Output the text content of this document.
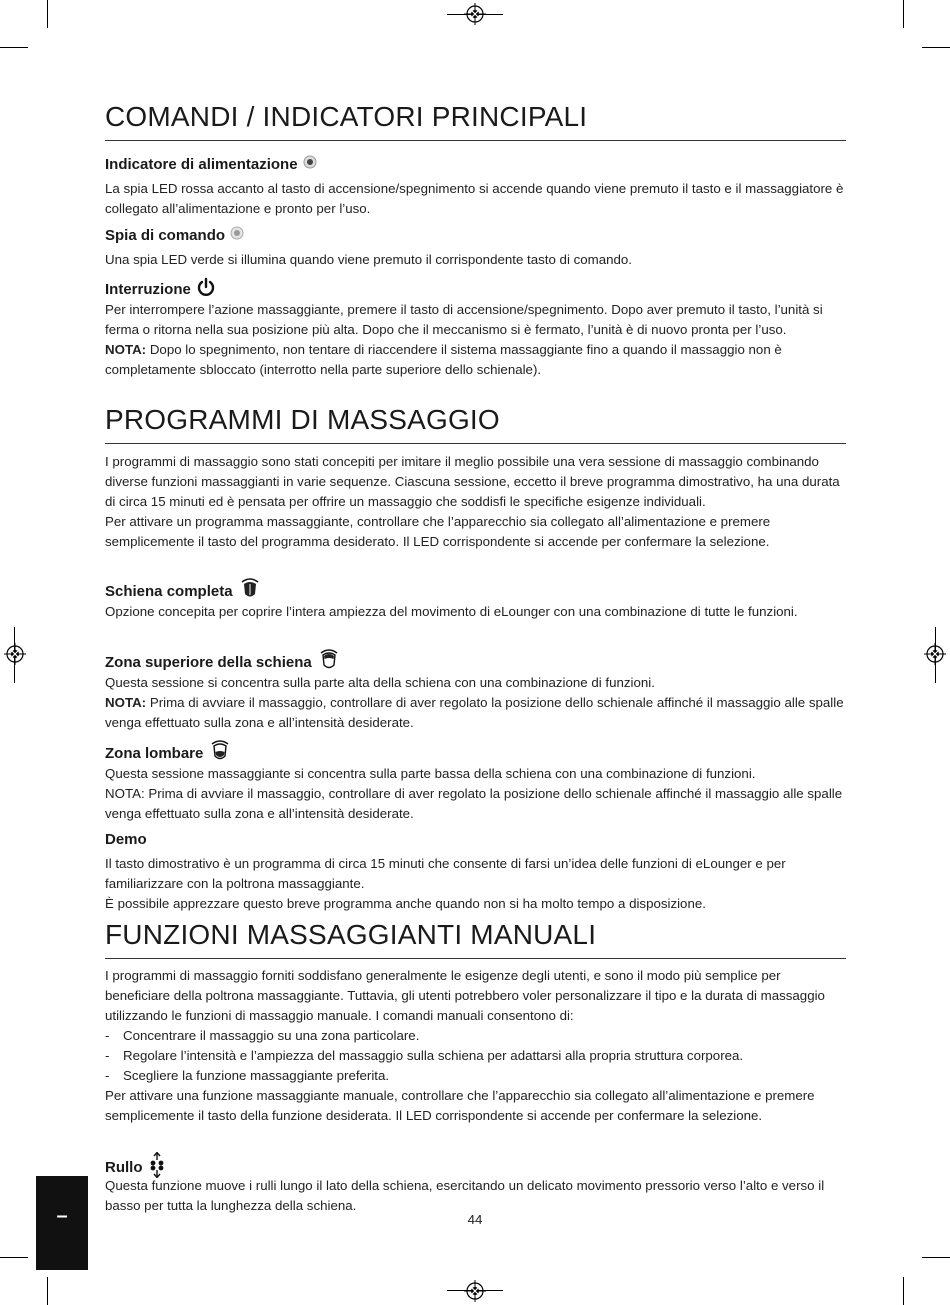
COMANDI / INDICATORI PRINCIPALI
Indicatore di alimentazione
La spia LED rossa accanto al tasto di accensione/spegnimento si accende quando viene premuto il tasto e il massaggiatore è collegato all’alimentazione e pronto per l’uso.
Spia di comando
Una spia LED verde si illumina quando viene premuto il corrispondente tasto di comando.
Interruzione
Per interrompere l’azione massaggiante, premere il tasto di accensione/spegnimento. Dopo aver premuto il tasto, l’unità si ferma o ritorna nella sua posizione più alta. Dopo che il meccanismo si è fermato, l’unità è di nuovo pronta per l’uso.
NOTA: Dopo lo spegnimento, non tentare di riaccendere il sistema massaggiante fino a quando il massaggio non è completamente sbloccato (interrotto nella parte superiore dello schienale).
PROGRAMMI DI MASSAGGIO
I programmi di massaggio sono stati concepiti per imitare il meglio possibile una vera sessione di massaggio combinando diverse funzioni massaggianti in varie sequenze. Ciascuna sessione, eccetto il breve programma dimostrativo, ha una durata di circa 15 minuti ed è pensata per offrire un massaggio che soddisfi le specifiche esigenze individuali.
Per attivare un programma massaggiante, controllare che l’apparecchio sia collegato all’alimentazione e premere semplicemente il tasto del programma desiderato. Il LED corrispondente si accende per confermare la selezione.
Schiena completa
Opzione concepita per coprire l’intera ampiezza del movimento di eLounger con una combinazione di tutte le funzioni.
Zona superiore della schiena
Questa sessione si concentra sulla parte alta della schiena con una combinazione di funzioni.
NOTA: Prima di avviare il massaggio, controllare di aver regolato la posizione dello schienale affinché il massaggio alle spalle venga effettuato sulla zona e all’intensità desiderate.
Zona lombare
Questa sessione massaggiante si concentra sulla parte bassa della schiena con una combinazione di funzioni.
NOTA: Prima di avviare il massaggio, controllare di aver regolato la posizione dello schienale affinché il massaggio alle spalle venga effettuato sulla zona e all’intensità desiderate.
Demo
Il tasto dimostrativo è un programma di circa 15 minuti che consente di farsi un’idea delle funzioni di eLounger e per familiarizzare con la poltrona massaggiante.
È possibile apprezzare questo breve programma anche quando non si ha molto tempo a disposizione.
FUNZIONI MASSAGGIANTI MANUALI
I programmi di massaggio forniti soddisfano generalmente le esigenze degli utenti, e sono il modo più semplice per beneficiare della poltrona massaggiante. Tuttavia, gli utenti potrebbero voler personalizzare il tipo e la durata di massaggio utilizzando le funzioni di massaggio manuale. I comandi manuali consentono di:
-	Concentrare il massaggio su una zona particolare.
-	Regolare l’intensità e l’ampiezza del massaggio sulla schiena per adattarsi alla propria struttura corporea.
-	Scegliere la funzione massaggiante preferita.
Per attivare una funzione massaggiante manuale, controllare che l’apparecchio sia collegato all’alimentazione e premere semplicemente il tasto della funzione desiderata. Il LED corrispondente si accende per confermare la selezione.
Rullo
Questa funzione muove i rulli lungo il lato della schiena, esercitando un delicato movimento pressorio verso l’alto e verso il basso per tutta la lunghezza della schiena.
44
–
